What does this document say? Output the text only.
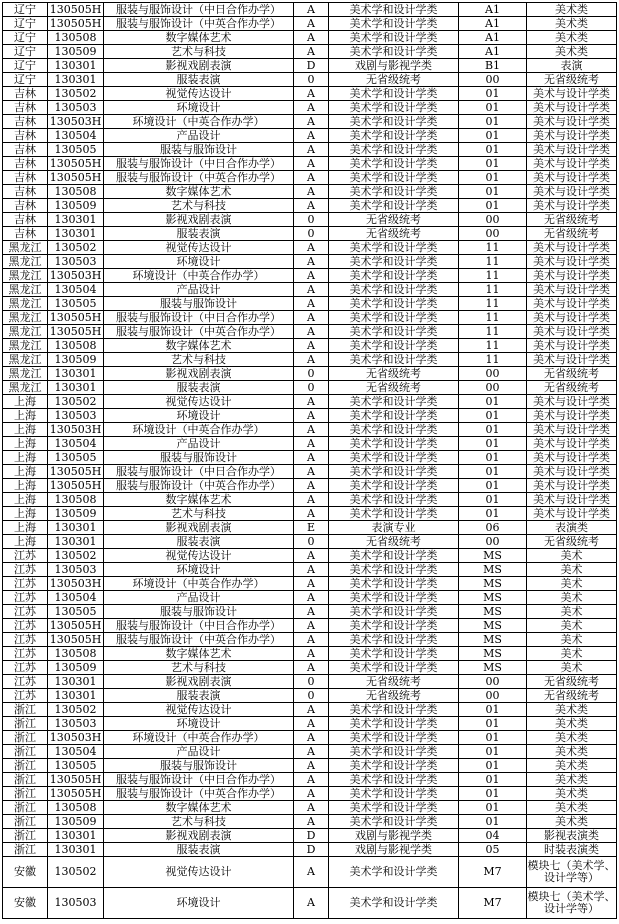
辽宁	130505H	服装与服饰设计（中日合作办学）	A	美术学和设计学类	A1	美术类
辽宁	130505H	服装与服饰设计（中英合作办学）	A	美术学和设计学类	A1	美术类
辽宁	130508	数字媒体艺术	A	美术学和设计学类	A1	美术类
辽宁	130509	艺术与科技	A	美术学和设计学类	A1	美术类
辽宁	130301	影视戏剧表演	D	戏剧与影视学类	B1	表演
辽宁	130301	服装表演	0	无省级统考	00	无省级统考
吉林	130502	视觉传达设计	A	美术学和设计学类	01	美术与设计学类
吉林	130503	环境设计	A	美术学和设计学类	01	美术与设计学类
吉林	130503H	环境设计（中英合作办学）	A	美术学和设计学类	01	美术与设计学类
吉林	130504	产品设计	A	美术学和设计学类	01	美术与设计学类
吉林	130505	服装与服饰设计	A	美术学和设计学类	01	美术与设计学类
吉林	130505H	服装与服饰设计（中日合作办学）	A	美术学和设计学类	01	美术与设计学类
吉林	130505H	服装与服饰设计（中英合作办学）	A	美术学和设计学类	01	美术与设计学类
吉林	130508	数字媒体艺术	A	美术学和设计学类	01	美术与设计学类
吉林	130509	艺术与科技	A	美术学和设计学类	01	美术与设计学类
吉林	130301	影视戏剧表演	0	无省级统考	00	无省级统考
吉林	130301	服装表演	0	无省级统考	00	无省级统考
黑龙江	130502	视觉传达设计	A	美术学和设计学类	11	美术与设计学类
黑龙江	130503	环境设计	A	美术学和设计学类	11	美术与设计学类
黑龙江	130503H	环境设计（中英合作办学）	A	美术学和设计学类	11	美术与设计学类
黑龙江	130504	产品设计	A	美术学和设计学类	11	美术与设计学类
黑龙江	130505	服装与服饰设计	A	美术学和设计学类	11	美术与设计学类
黑龙江	130505H	服装与服饰设计（中日合作办学）	A	美术学和设计学类	11	美术与设计学类
黑龙江	130505H	服装与服饰设计（中英合作办学）	A	美术学和设计学类	11	美术与设计学类
黑龙江	130508	数字媒体艺术	A	美术学和设计学类	11	美术与设计学类
黑龙江	130509	艺术与科技	A	美术学和设计学类	11	美术与设计学类
黑龙江	130301	影视戏剧表演	0	无省级统考	00	无省级统考
黑龙江	130301	服装表演	0	无省级统考	00	无省级统考
上海	130502	视觉传达设计	A	美术学和设计学类	01	美术与设计学类
上海	130503	环境设计	A	美术学和设计学类	01	美术与设计学类
上海	130503H	环境设计（中英合作办学）	A	美术学和设计学类	01	美术与设计学类
上海	130504	产品设计	A	美术学和设计学类	01	美术与设计学类
上海	130505	服装与服饰设计	A	美术学和设计学类	01	美术与设计学类
上海	130505H	服装与服饰设计（中日合作办学）	A	美术学和设计学类	01	美术与设计学类
上海	130505H	服装与服饰设计（中英合作办学）	A	美术学和设计学类	01	美术与设计学类
上海	130508	数字媒体艺术	A	美术学和设计学类	01	美术与设计学类
上海	130509	艺术与科技	A	美术学和设计学类	01	美术与设计学类
上海	130301	影视戏剧表演	E	表演专业	06	表演类
上海	130301	服装表演	0	无省级统考	00	无省级统考
江苏	130502	视觉传达设计	A	美术学和设计学类	MS	美术
江苏	130503	环境设计	A	美术学和设计学类	MS	美术
江苏	130503H	环境设计（中英合作办学）	A	美术学和设计学类	MS	美术
江苏	130504	产品设计	A	美术学和设计学类	MS	美术
江苏	130505	服装与服饰设计	A	美术学和设计学类	MS	美术
江苏	130505H	服装与服饰设计（中日合作办学）	A	美术学和设计学类	MS	美术
江苏	130505H	服装与服饰设计（中英合作办学）	A	美术学和设计学类	MS	美术
江苏	130508	数字媒体艺术	A	美术学和设计学类	MS	美术
江苏	130509	艺术与科技	A	美术学和设计学类	MS	美术
江苏	130301	影视戏剧表演	0	无省级统考	00	无省级统考
江苏	130301	服装表演	0	无省级统考	00	无省级统考
浙江	130502	视觉传达设计	A	美术学和设计学类	01	美术类
浙江	130503	环境设计	A	美术学和设计学类	01	美术类
浙江	130503H	环境设计（中英合作办学）	A	美术学和设计学类	01	美术类
浙江	130504	产品设计	A	美术学和设计学类	01	美术类
浙江	130505	服装与服饰设计	A	美术学和设计学类	01	美术类
浙江	130505H	服装与服饰设计（中日合作办学）	A	美术学和设计学类	01	美术类
浙江	130505H	服装与服饰设计（中英合作办学）	A	美术学和设计学类	01	美术类
浙江	130508	数字媒体艺术	A	美术学和设计学类	01	美术类
浙江	130509	艺术与科技	A	美术学和设计学类	01	美术类
浙江	130301	影视戏剧表演	D	戏剧与影视学类	04	影视表演类
浙江	130301	服装表演	D	戏剧与影视学类	05	时装表演类
安徽	130502	视觉传达设计	A	美术学和设计学类	M7	模块七（美术学、设计学等）
安徽	130503	环境设计	A	美术学和设计学类	M7	模块七（美术学、设计学等）
